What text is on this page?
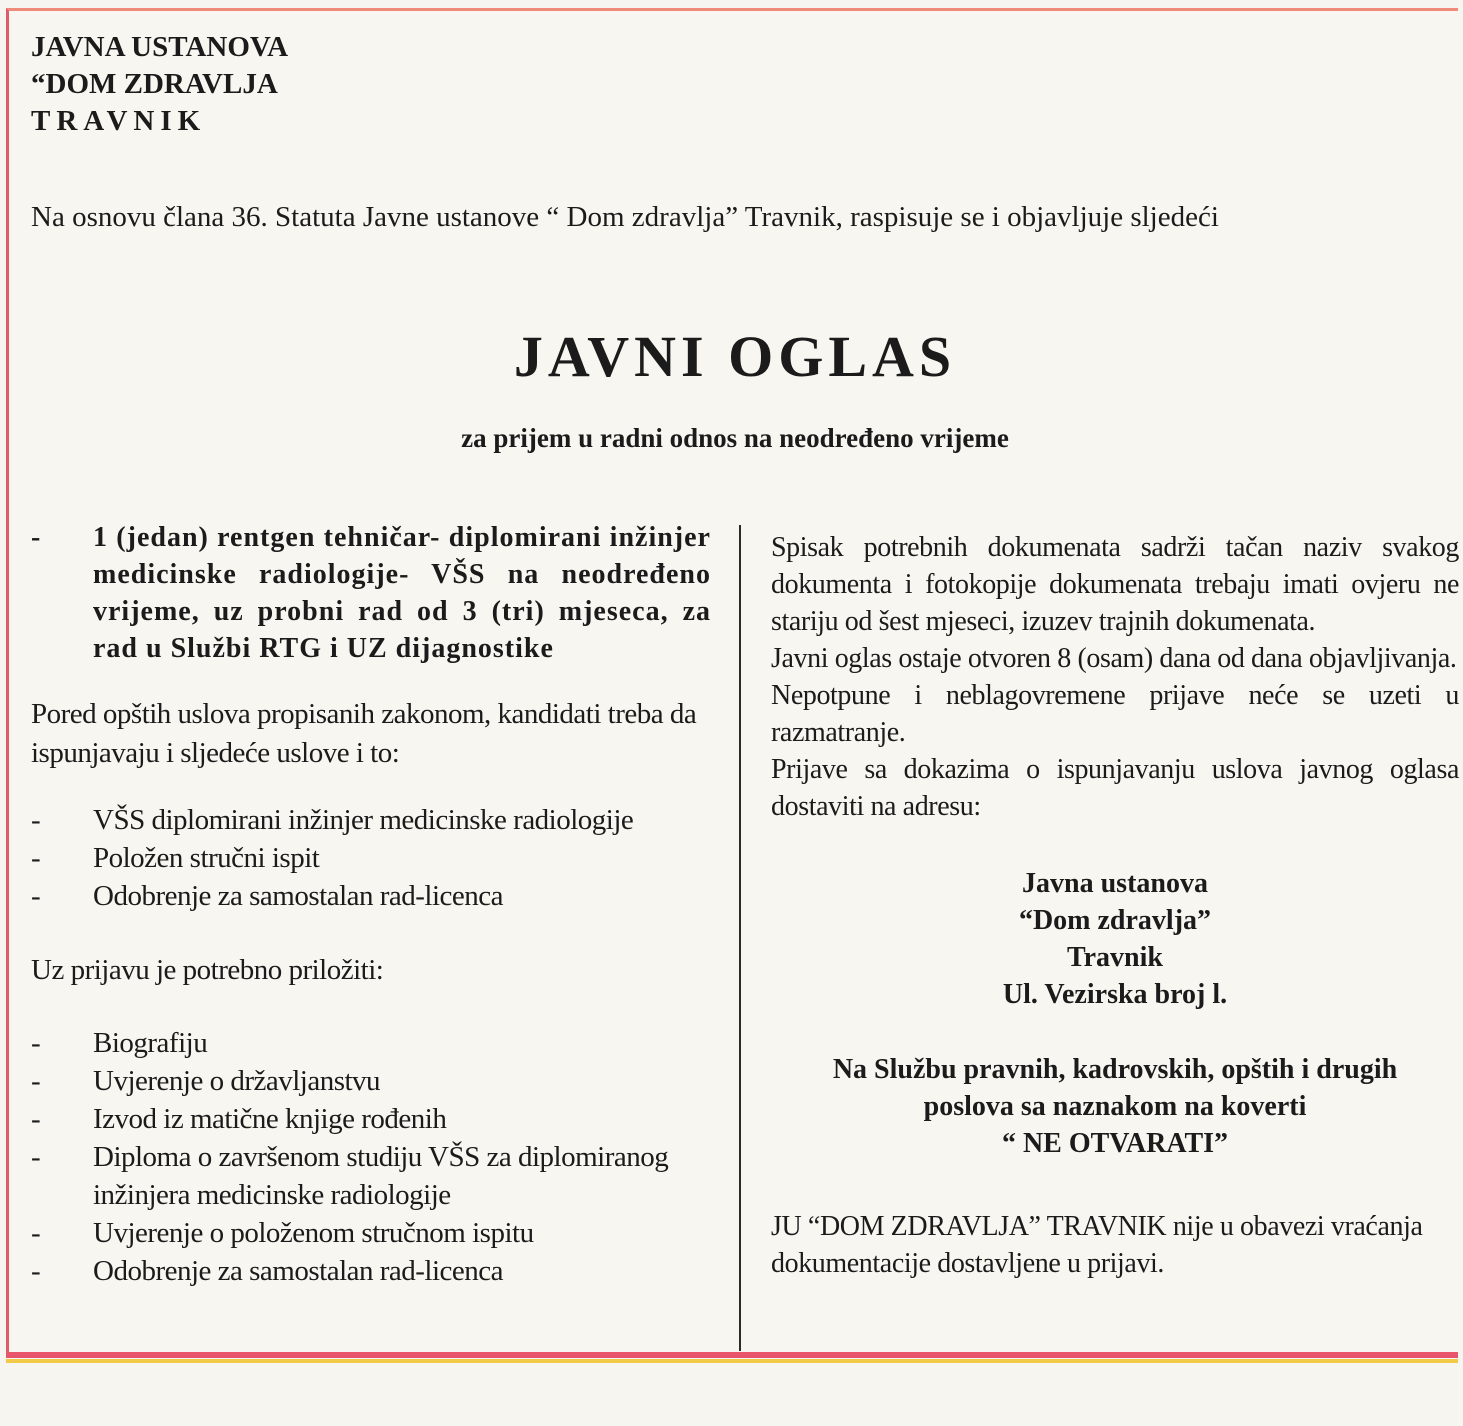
JAVNA USTANOVA
“DOM ZDRAVLJA
TRAVNIK
Na osnovu člana 36. Statuta Javne ustanove “ Dom zdravlja” Travnik, raspisuje se i objavljuje sljedeći
JAVNI OGLAS
za prijem u radni odnos na neodređeno vrijeme
-	1 (jedan) rentgen tehničar- diplomirani inžinjer medicinske radiologije- VŠS na neodređeno vrijeme, uz probni rad od 3 (tri) mjeseca, za rad u Službi RTG i UZ dijagnostike
Pored opštih uslova propisanih zakonom, kandidati treba da ispunjavaju i sljedeće uslove i to:
-	VŠS diplomirani inžinjer medicinske radiologije
-	Položen stručni ispit
-	Odobrenje za samostalan rad-licenca
Uz prijavu je potrebno priložiti:
-	Biografiju
-	Uvjerenje o državljanstvu
-	Izvod iz matične knjige rođenih
-	Diploma o završenom studiju VŠS za diplomiranog inžinjera medicinske radiologije
-	Uvjerenje o položenom stručnom ispitu
-	Odobrenje za samostalan rad-licenca
Spisak potrebnih dokumenata sadrži tačan naziv svakog dokumenta i fotokopije dokumenata trebaju imati ovjeru ne stariju od šest mjeseci, izuzev trajnih dokumenata.
Javni oglas ostaje otvoren 8 (osam) dana od dana objavljivanja.
Nepotpune i neblagovremene prijave neće se uzeti u razmatranje.
Prijave sa dokazima o ispunjavanju uslova javnog oglasa dostaviti na adresu:
Javna ustanova
“Dom zdravlja”
Travnik
Ul. Vezirska broj l.
Na Službu pravnih, kadrovskih, opštih i drugih
poslova sa naznakom na koverti
“ NE OTVARATI”
JU “DOM ZDRAVLJA” TRAVNIK nije u obavezi vraćanja dokumentacije dostavljene u prijavi.
